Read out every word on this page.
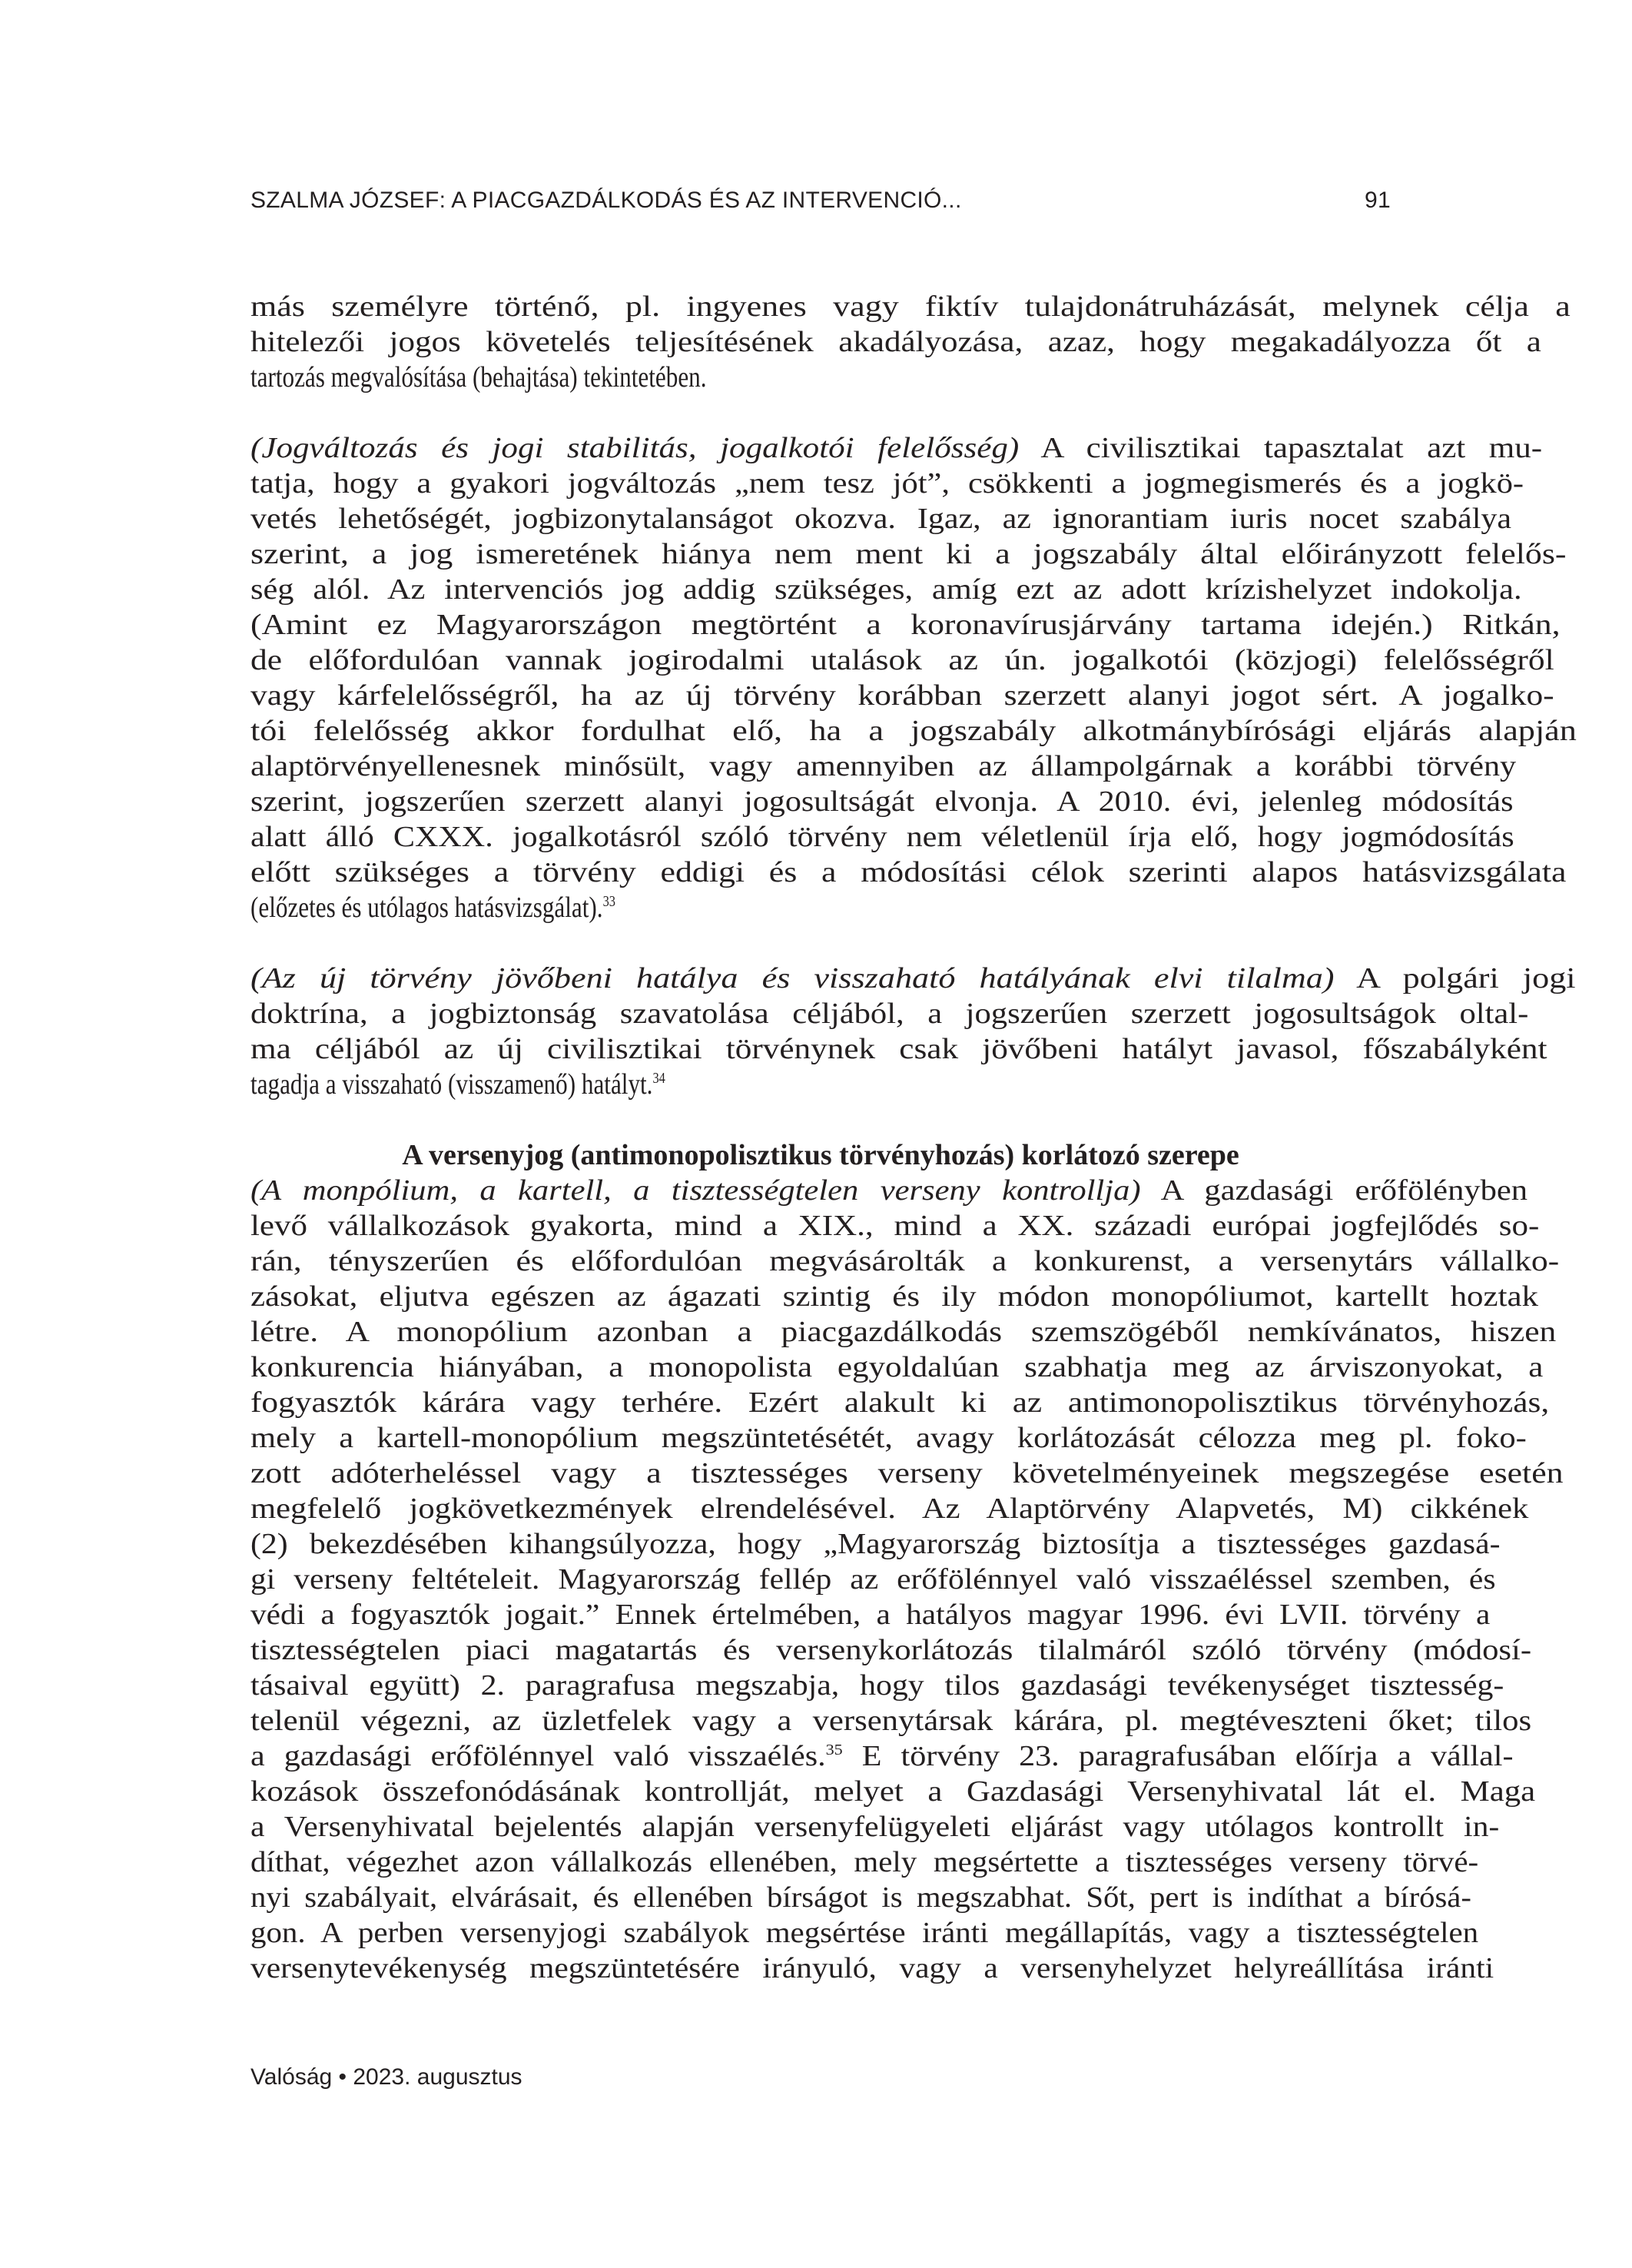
SZALMA JÓZSEF: A PIACGAZDÁLKODÁS ÉS AZ INTERVENCIÓ...	91
más személyre történő, pl. ingyenes vagy fiktív tulajdonátruházását, melynek célja a
hitelezői jogos követelés teljesítésének akadályozása, azaz, hogy megakadályozza őt a
tartozás megvalósítása (behajtása) tekintetében.
(Jogváltozás és jogi stabilitás, jogalkotói felelősség) A civilisztikai tapasztalat azt mu-
tatja, hogy a gyakori jogváltozás „nem tesz jót”, csökkenti a jogmegismerés és a jogkö-
vetés lehetőségét, jogbizonytalanságot okozva. Igaz, az ignorantiam iuris nocet szabálya
szerint, a jog ismeretének hiánya nem ment ki a jogszabály által előirányzott felelős-
ség alól. Az intervenciós jog addig szükséges, amíg ezt az adott krízishelyzet indokolja.
(Amint ez Magyarországon megtörtént a koronavírusjárvány tartama idején.) Ritkán,
de előfordulóan vannak jogirodalmi utalások az ún. jogalkotói (közjogi) felelősségről
vagy kárfelelősségről, ha az új törvény korábban szerzett alanyi jogot sért. A jogalko-
tói felelősség akkor fordulhat elő, ha a jogszabály alkotmánybírósági eljárás alapján
alaptörvényellenesnek minősült, vagy amennyiben az állampolgárnak a korábbi törvény
szerint, jogszerűen szerzett alanyi jogosultságát elvonja. A 2010. évi, jelenleg módosítás
alatt álló CXXX. jogalkotásról szóló törvény nem véletlenül írja elő, hogy jogmódosítás
előtt szükséges a törvény eddigi és a módosítási célok szerinti alapos hatásvizsgálata
(előzetes és utólagos hatásvizsgálat).$^{33}$
(Az új törvény jövőbeni hatálya és visszaható hatályának elvi tilalma) A polgári jogi
doktrína, a jogbiztonság szavatolása céljából, a jogszerűen szerzett jogosultságok oltal-
ma céljából az új civilisztikai törvénynek csak jövőbeni hatályt javasol, főszabályként
tagadja a visszaható (visszamenő) hatályt.$^{34}$
A versenyjog (antimonopolisztikus törvényhozás) korlátozó szerepe
(A monpólium, a kartell, a tisztességtelen verseny kontrollja) A gazdasági erőfölényben
levő vállalkozások gyakorta, mind a XIX., mind a XX. századi európai jogfejlődés so-
rán, tényszerűen és előfordulóan megvásárolták a konkurenst, a versenytárs vállalko-
zásokat, eljutva egészen az ágazati szintig és ily módon monopóliumot, kartellt hoztak
létre. A monopólium azonban a piacgazdálkodás szemszögéből nemkívánatos, hiszen
konkurencia hiányában, a monopolista egyoldalúan szabhatja meg az árviszonyokat, a
fogyasztók kárára vagy terhére. Ezért alakult ki az antimonopolisztikus törvényhozás,
mely a kartell-monopólium megszüntetésétét, avagy korlátozását célozza meg pl. foko-
zott adóterheléssel vagy a tisztességes verseny követelményeinek megszegése esetén
megfelelő jogkövetkezmények elrendelésével. Az Alaptörvény Alapvetés, M) cikkének
(2) bekezdésében kihangsúlyozza, hogy „Magyarország biztosítja a tisztességes gazdasá-
gi verseny feltételeit. Magyarország fellép az erőfölénnyel való visszaéléssel szemben, és
védi a fogyasztók jogait.” Ennek értelmében, a hatályos magyar 1996. évi LVII. törvény a
tisztességtelen piaci magatartás és versenykorlátozás tilalmáról szóló törvény (módosí-
tásaival együtt) 2. paragrafusa megszabja, hogy tilos gazdasági tevékenységet tisztesség-
telenül végezni, az üzletfelek vagy a versenytársak kárára, pl. megtéveszteni őket; tilos
a gazdasági erőfölénnyel való visszaélés.$^{35}$ E törvény 23. paragrafusában előírja a vállal-
kozások összefonódásának kontrollját, melyet a Gazdasági Versenyhivatal lát el. Maga
a Versenyhivatal bejelentés alapján versenyfelügyeleti eljárást vagy utólagos kontrollt in-
díthat, végezhet azon vállalkozás ellenében, mely megsértette a tisztességes verseny törvé-
nyi szabályait, elvárásait, és ellenében bírságot is megszabhat. Sőt, pert is indíthat a bírósá-
gon. A perben versenyjogi szabályok megsértése iránti megállapítás, vagy a tisztességtelen
versenytevékenység megszüntetésére irányuló, vagy a versenyhelyzet helyreállítása iránti
Valóság • 2023. augusztus
